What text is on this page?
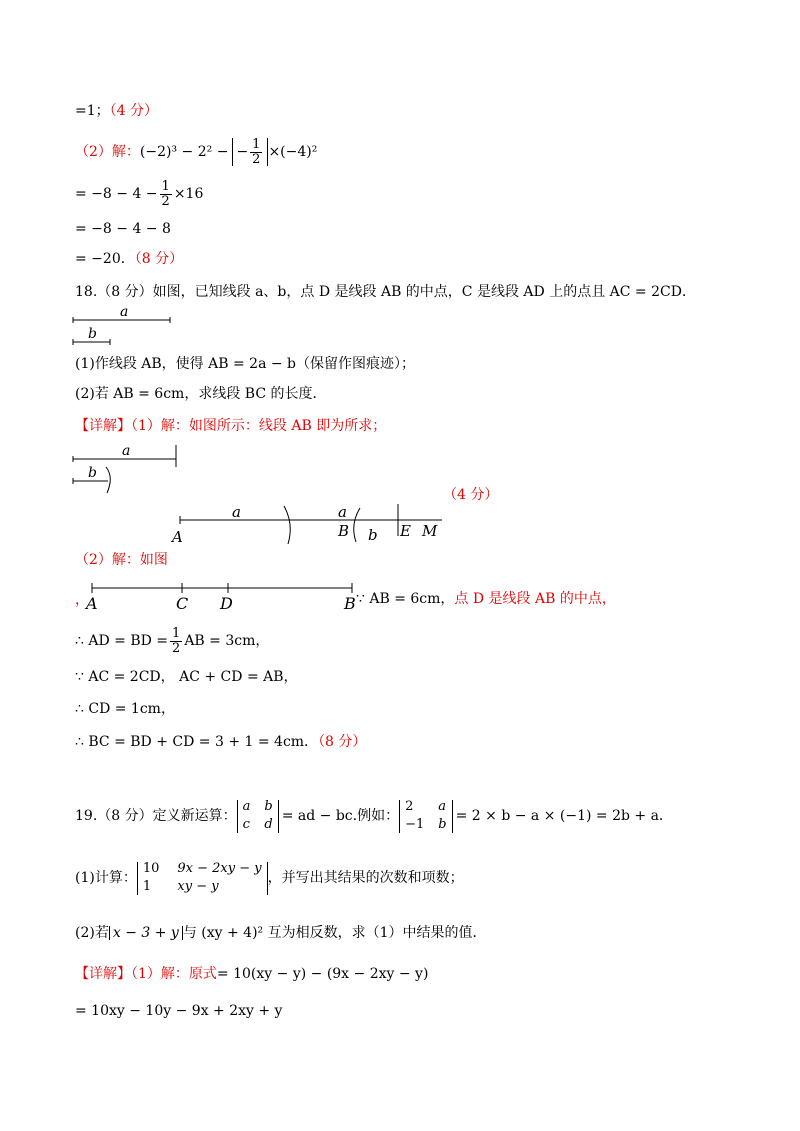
=1；（4 分）
（2）解： (−2)³ − 2² − − $\frac{1}{2} \times(-4)^2$
= $-8 - 4 - \frac{1}{2} \times 16$
= −8 − 4 − 8
= −20．（8 分）
18.（8 分）如图，已知线段 a、b，点 D 是线段 AB 的中点，C 是线段 AD 上的点且 AC = 2CD．
a
b
(1)作线段 AB，使得 AB = 2a − b（保留作图痕迹）；
(2)若 AB = 6cm，求线段 BC 的长度．
【详解】（1）解：如图所示：线段 AB 即为所求；
a
b
（4 分）
A
a	a
B b E M
（2）解：如图
，
A	C D	B ∵ AB = 6cm，点 D 是线段 AB 的中点，
∴ AD = BD = $\frac{1}{2}$ AB = 3cm，
∵ AC = 2CD， AC + CD = AB，
∴ CD = 1cm，
∴ BC = BD + CD = 3 + 1 = 4cm．（8 分）
19.（8 分）定义新运算：
a b
c d
= ad − bc.例如：
2	a
−1 b
= 2 × b − a × (−1) = 2b + a．
(1)计算：
10 9x − 2xy − y
1	xy − y
，并写出其结果的次数和项数；
(2)若 x − 3 + y 与 (xy + 4)² 互为相反数，求（1）中结果的值．
【详解】（1）解：原式= 10(xy − y) − (9x − 2xy − y)
= 10xy − 10y − 9x + 2xy + y
